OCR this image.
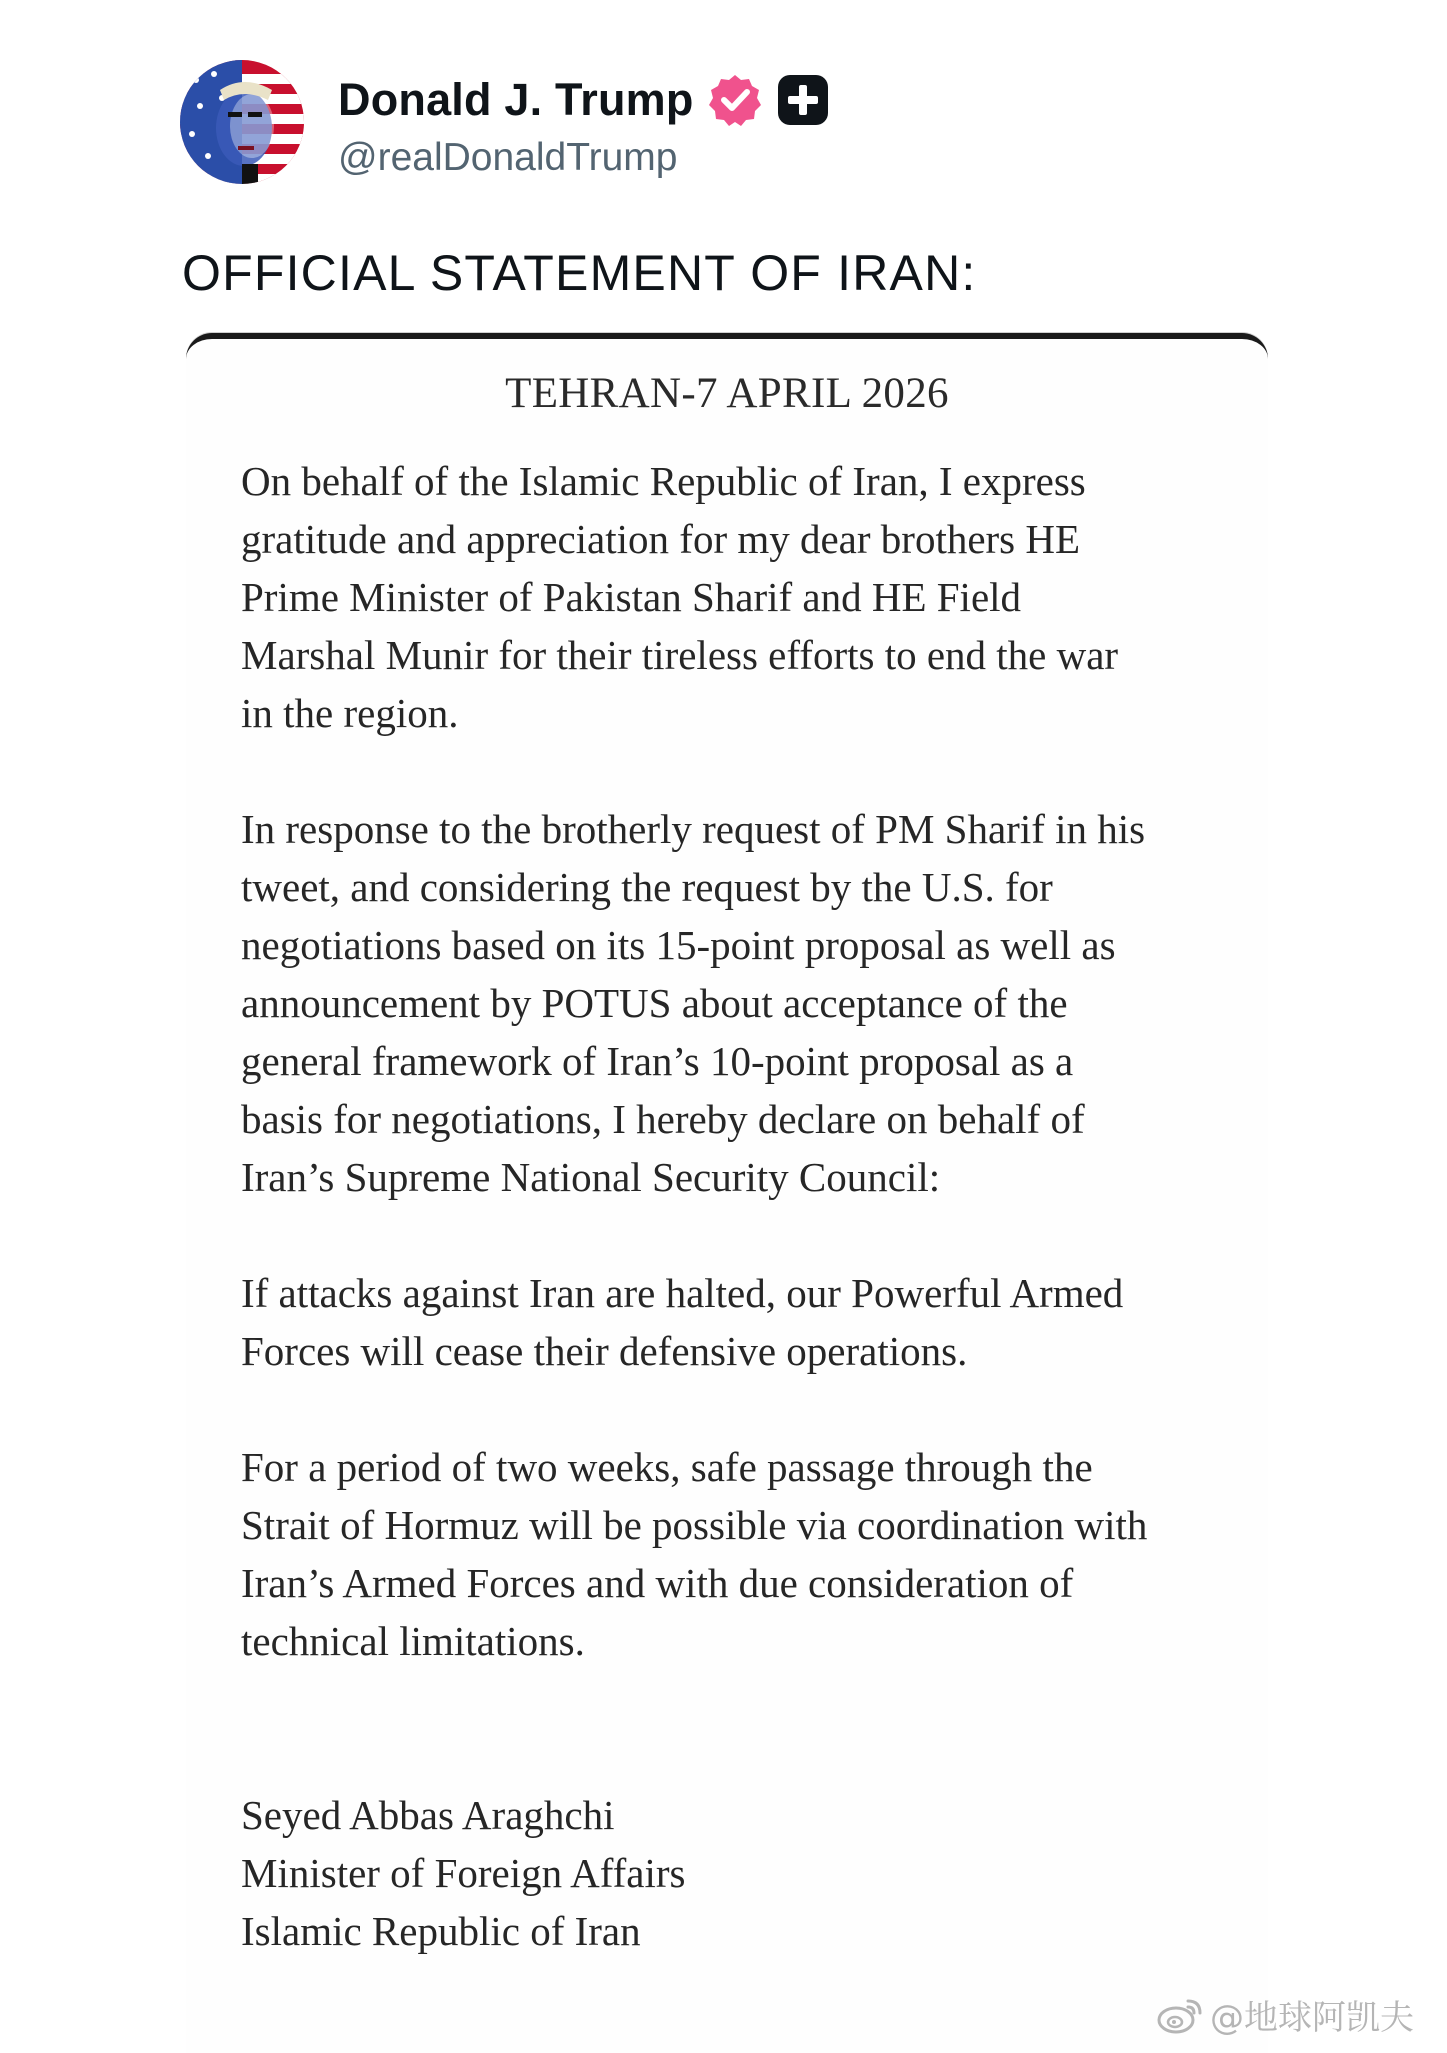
Donald J. Trump
@realDonaldTrump
OFFICIAL STATEMENT OF IRAN:
TEHRAN-7 APRIL 2026
On behalf of the Islamic Republic of Iran, I express
gratitude and appreciation for my dear brothers HE
Prime Minister of Pakistan Sharif and HE Field
Marshal Munir for their tireless efforts to end the war
in the region.
In response to the brotherly request of PM Sharif in his
tweet, and considering the request by the U.S. for
negotiations based on its 15-point proposal as well as
announcement by POTUS about acceptance of the
general framework of Iran’s 10-point proposal as a
basis for negotiations, I hereby declare on behalf of
Iran’s Supreme National Security Council:
If attacks against Iran are halted, our Powerful Armed
Forces will cease their defensive operations.
For a period of two weeks, safe passage through the
Strait of Hormuz will be possible via coordination with
Iran’s Armed Forces and with due consideration of
technical limitations.
Seyed Abbas Araghchi
Minister of Foreign Affairs
Islamic Republic of Iran
@地球阿凯夫
